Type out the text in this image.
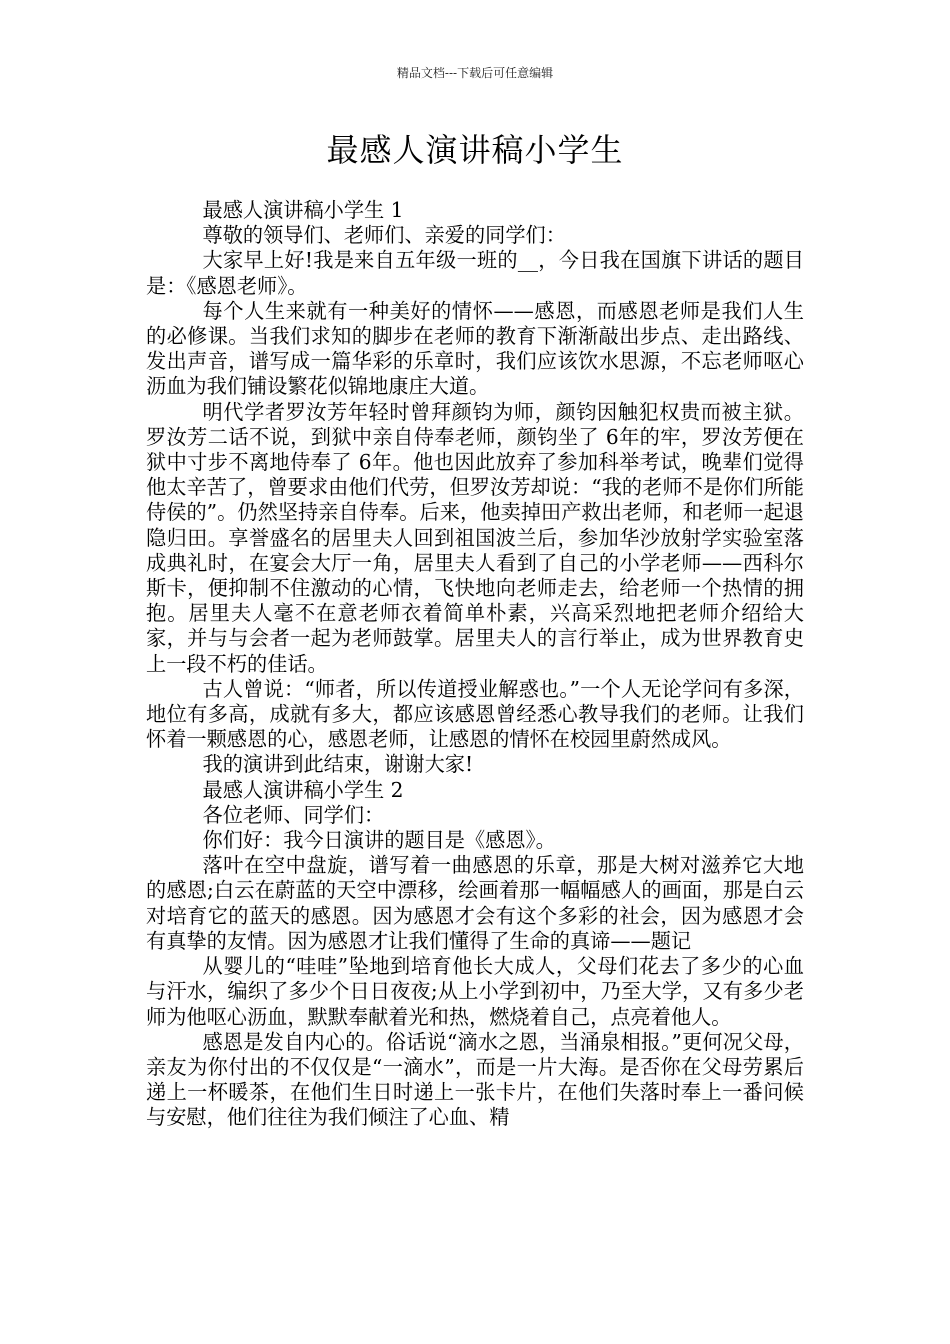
精品文档---下载后可任意编辑
最感人演讲稿小学生

最感人演讲稿小学生 1

尊敬的领导们、老师们、亲爱的同学们：

大家早上好!我是来自五年级一班的__，今日我在国旗下讲话的题目是：《感恩老师》。

每个人生来就有一种美好的情怀——感恩，而感恩老师是我们人生的必修课。当我们求知的脚步在老师的教育下渐渐敲出步点、走出路线、发出声音，谱写成一篇华彩的乐章时，我们应该饮水思源，不忘老师呕心沥血为我们铺设繁花似锦地康庄大道。

明代学者罗汝芳年轻时曾拜颜钧为师，颜钧因触犯权贵而被主狱。罗汝芳二话不说，到狱中亲自侍奉老师，颜钧坐了 6年的牢，罗汝芳便在狱中寸步不离地侍奉了 6年。他也因此放弃了参加科举考试，晚辈们觉得他太辛苦了，曾要求由他们代劳，但罗汝芳却说：“我的老师不是你们所能侍侯的”。仍然坚持亲自侍奉。后来，他卖掉田产救出老师，和老师一起退隐归田。享誉盛名的居里夫人回到祖国波兰后，参加华沙放射学实验室落成典礼时，在宴会大厅一角，居里夫人看到了自己的小学老师——西科尔斯卡，便抑制不住激动的心情，飞快地向老师走去，给老师一个热情的拥抱。居里夫人毫不在意老师衣着简单朴素，兴高采烈地把老师介绍给大家，并与与会者一起为老师鼓掌。居里夫人的言行举止，成为世界教育史上一段不朽的佳话。

古人曾说：“师者，所以传道授业解惑也。”一个人无论学问有多深，地位有多高，成就有多大，都应该感恩曾经悉心教导我们的老师。让我们怀着一颗感恩的心，感恩老师，让感恩的情怀在校园里蔚然成风。

我的演讲到此结束，谢谢大家!

最感人演讲稿小学生 2

各位老师、同学们：

你们好：我今日演讲的题目是《感恩》。

落叶在空中盘旋，谱写着一曲感恩的乐章，那是大树对滋养它大地的感恩;白云在蔚蓝的天空中漂移，绘画着那一幅幅感人的画面，那是白云对培育它的蓝天的感恩。因为感恩才会有这个多彩的社会，因为感恩才会有真挚的友情。因为感恩才让我们懂得了生命的真谛——题记

从婴儿的“哇哇”坠地到培育他长大成人，父母们花去了多少的心血与汗水，编织了多少个日日夜夜;从上小学到初中，乃至大学，又有多少老师为他呕心沥血，默默奉献着光和热，燃烧着自己，点亮着他人。

感恩是发自内心的。俗话说“滴水之恩，当涌泉相报。”更何况父母，亲友为你付出的不仅仅是“一滴水”，而是一片大海。是否你在父母劳累后递上一杯暖茶，在他们生日时递上一张卡片，在他们失落时奉上一番问候与安慰，他们往往为我们倾注了心血、精
